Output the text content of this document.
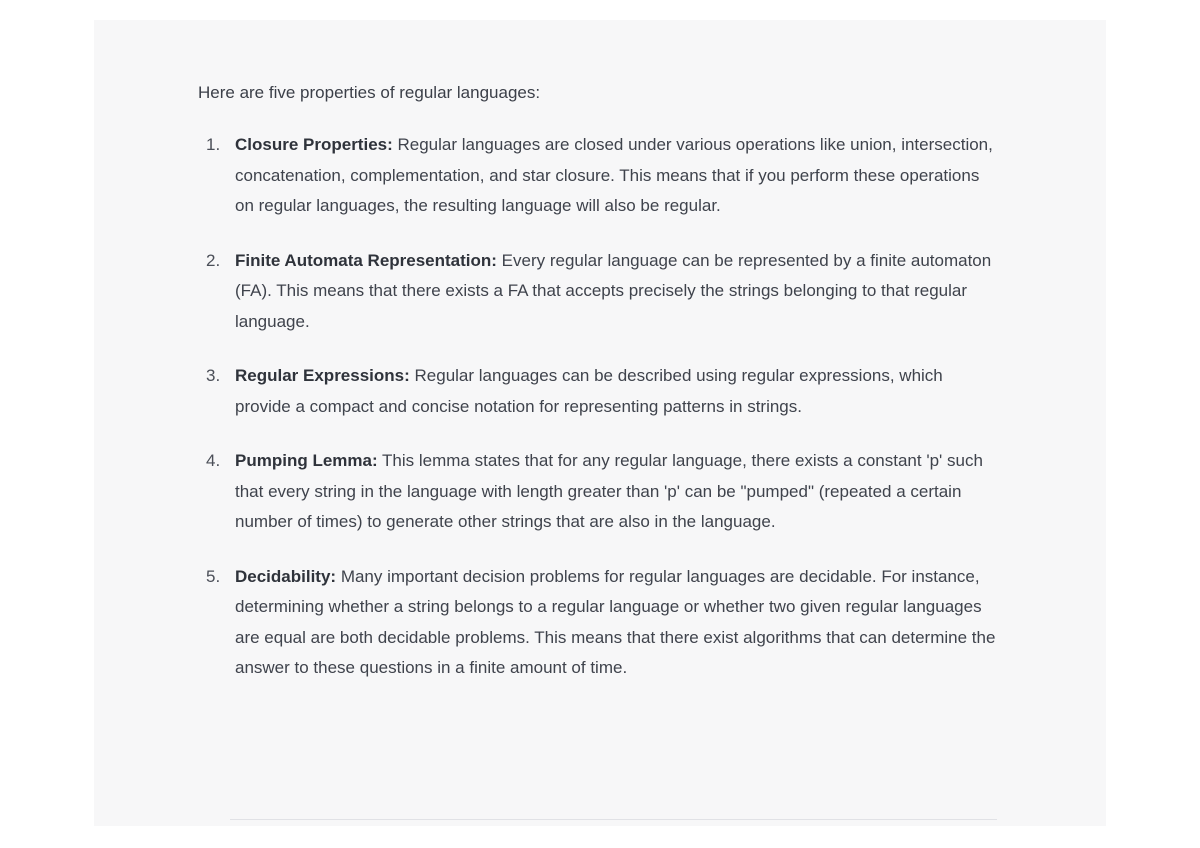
Here are five properties of regular languages:

1. Closure Properties: Regular languages are closed under various operations like union, intersection, concatenation, complementation, and star closure. This means that if you perform these operations on regular languages, the resulting language will also be regular.
2. Finite Automata Representation: Every regular language can be represented by a finite automaton (FA). This means that there exists a FA that accepts precisely the strings belonging to that regular language.
3. Regular Expressions: Regular languages can be described using regular expressions, which provide a compact and concise notation for representing patterns in strings.
4. Pumping Lemma: This lemma states that for any regular language, there exists a constant 'p' such that every string in the language with length greater than 'p' can be "pumped" (repeated a certain number of times) to generate other strings that are also in the language.
5. Decidability: Many important decision problems for regular languages are decidable. For instance, determining whether a string belongs to a regular language or whether two given regular languages are equal are both decidable problems. This means that there exist algorithms that can determine the answer to these questions in a finite amount of time.
